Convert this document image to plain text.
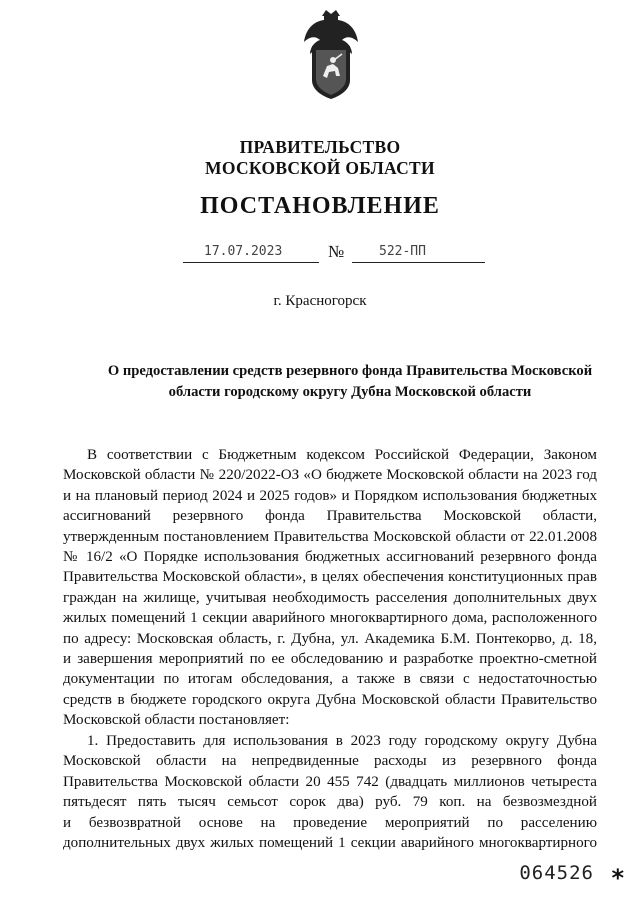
ПРАВИТЕЛЬСТВО
МОСКОВСКОЙ ОБЛАСТИ
ПОСТАНОВЛЕНИЕ
17.07.2023	№	522-ПП
г. Красногорск
О предоставлении средств резервного фонда Правительства Московской
области городскому округу Дубна Московской области
В соответствии с Бюджетным кодексом Российской Федерации, Законом
Московской области № 220/2022-ОЗ «О бюджете Московской области на 2023 год
и на плановый период 2024 и 2025 годов» и Порядком использования бюджетных
ассигнований резервного фонда Правительства Московской области,
утвержденным постановлением Правительства Московской области от 22.01.2008
№ 16/2 «О Порядке использования бюджетных ассигнований резервного фонда
Правительства Московской области», в целях обеспечения конституционных прав
граждан на жилище, учитывая необходимость расселения дополнительных двух
жилых помещений 1 секции аварийного многоквартирного дома, расположенного
по адресу: Московская область, г. Дубна, ул. Академика Б.М. Понтекорво, д. 18,
и завершения мероприятий по ее обследованию и разработке проектно-сметной
документации по итогам обследования, а также в связи с недостаточностью
средств в бюджете городского округа Дубна Московской области Правительство
Московской области постановляет:
1. Предоставить для использования в 2023 году городскому округу Дубна
Московской области на непредвиденные расходы из резервного фонда
Правительства Московской области 20 455 742 (двадцать миллионов четыреста
пятьдесят пять тысяч семьсот сорок два) руб. 79 коп. на безвозмездной
и безвозвратной основе на проведение мероприятий по расселению
дополнительных двух жилых помещений 1 секции аварийного многоквартирного
064526 *
